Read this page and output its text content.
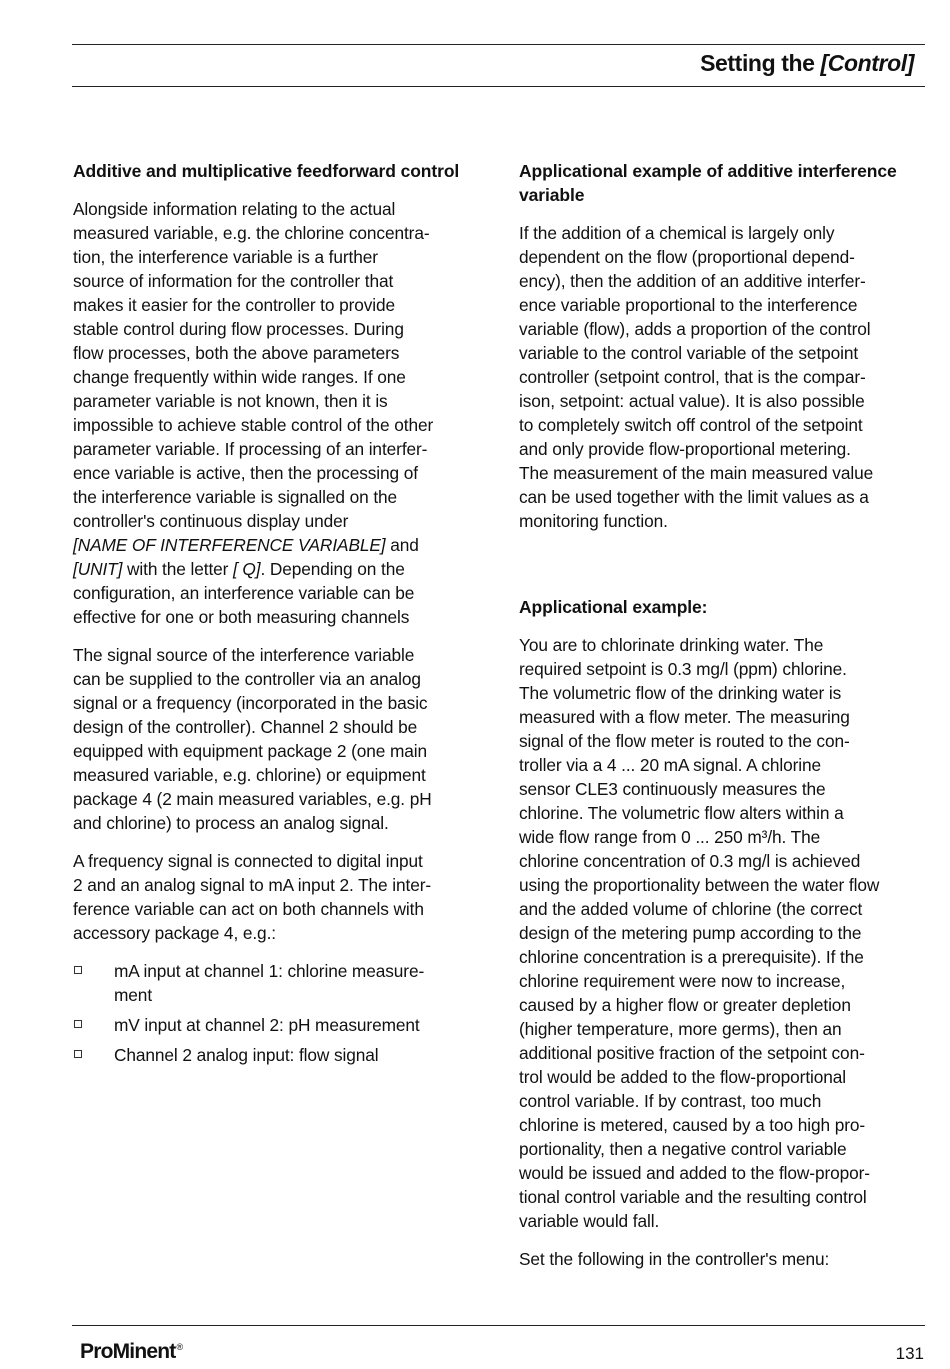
Setting the [Control]
Additive and multiplicative feedforward control

Alongside information relating to the actual
measured variable, e.g. the chlorine concentra-
tion, the interference variable is a further
source of information for the controller that
makes it easier for the controller to provide
stable control during flow processes. During
flow processes, both the above parameters
change frequently within wide ranges. If one
parameter variable is not known, then it is
impossible to achieve stable control of the other
parameter variable. If processing of an interfer-
ence variable is active, then the processing of
the interference variable is signalled on the
controller's continuous display under
[NAME OF INTERFERENCE VARIABLE] and
[UNIT] with the letter [ Q]. Depending on the
configuration, an interference variable can be
effective for one or both measuring channels

The signal source of the interference variable
can be supplied to the controller via an analog
signal or a frequency (incorporated in the basic
design of the controller). Channel 2 should be
equipped with equipment package 2 (one main
measured variable, e.g. chlorine) or equipment
package 4 (2 main measured variables, e.g. pH
and chlorine) to process an analog signal.

A frequency signal is connected to digital input
2 and an analog signal to mA input 2. The inter-
ference variable can act on both channels with
accessory package 4, e.g.:

mA input at channel 1: chlorine measure-
ment
mV input at channel 2: pH measurement
Channel 2 analog input: flow signal
Applicational example of additive interference
variable

If the addition of a chemical is largely only
dependent on the flow (proportional depend-
ency), then the addition of an additive interfer-
ence variable proportional to the interference
variable (flow), adds a proportion of the control
variable to the control variable of the setpoint
controller (setpoint control, that is the compar-
ison, setpoint: actual value). It is also possible
to completely switch off control of the setpoint
and only provide flow-proportional metering.
The measurement of the main measured value
can be used together with the limit values as a
monitoring function.

Applicational example:

You are to chlorinate drinking water. The
required setpoint is 0.3 mg/l (ppm) chlorine.
The volumetric flow of the drinking water is
measured with a flow meter. The measuring
signal of the flow meter is routed to the con-
troller via a 4 ... 20 mA signal. A chlorine
sensor CLE3 continuously measures the
chlorine. The volumetric flow alters within a
wide flow range from 0 ... 250 m³/h. The
chlorine concentration of 0.3 mg/l is achieved
using the proportionality between the water flow
and the added volume of chlorine (the correct
design of the metering pump according to the
chlorine concentration is a prerequisite). If the
chlorine requirement were now to increase,
caused by a higher flow or greater depletion
(higher temperature, more germs), then an
additional positive fraction of the setpoint con-
trol would be added to the flow-proportional
control variable. If by contrast, too much
chlorine is metered, caused by a too high pro-
portionality, then a negative control variable
would be issued and added to the flow-propor-
tional control variable and the resulting control
variable would fall.

Set the following in the controller's menu:

ProMinent®	131
